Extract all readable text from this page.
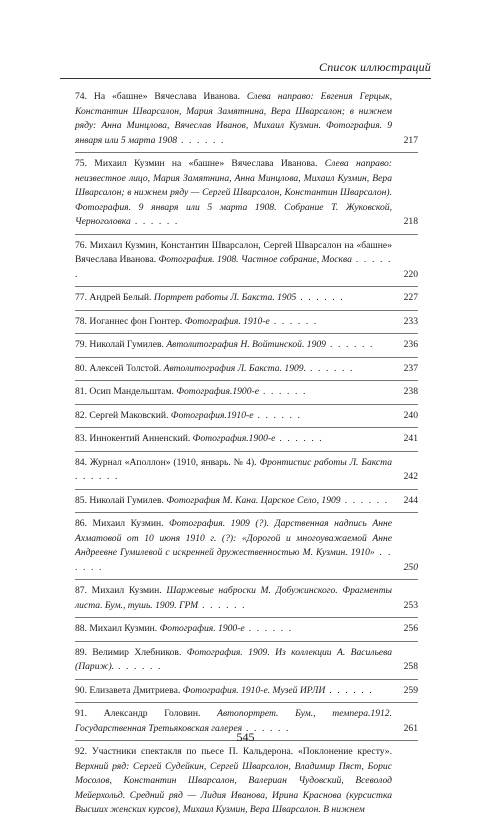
Список иллюстраций
74. На «башне» Вячеслава Иванова. Слева направо: Евгения Герцык, Константин Шварсалон, Мария Замятнина, Вера Шварсалон; в нижнем ряду: Анна Минцлова, Вячеслав Иванов, Михаил Кузмин. Фотография. 9 января или 5 марта 1908 . . . . . .	217
75. Михаил Кузмин на «башне» Вячеслава Иванова. Слева направо: неизвестное лицо, Мария Замятнина, Анна Минцлова, Михаил Кузмин, Вера Шварсалон; в нижнем ряду — Сергей Шварсалон, Константин Шварсалон). Фотография. 9 января или 5 марта 1908. Собрание Т. Жуковской, Черноголовка . . . . . .	218
76. Михаил Кузмин, Константин Шварсалон, Сергей Шварсалон на «башне» Вячеслава Иванова. Фотография. 1908. Частное собрание, Москва . . . . . .	220
77. Андрей Белый. Портрет работы Л. Бакста. 1905 . . . . . .	227
78. Иоганнес фон Гюнтер. Фотография. 1910-е . . . . . .	233
79. Николай Гумилев. Автолитография Н. Войтинской. 1909 . . . . . .	236
80. Алексей Толстой. Автолитография Л. Бакста. 1909. . . . . . .	237
81. Осип Мандельштам. Фотография.1900-е . . . . . .	238
82. Сергей Маковский. Фотография.1910-е . . . . . .	240
83. Иннокентий Анненский. Фотография.1900-е . . . . . .	241
84. Журнал «Аполлон» (1910, январь. № 4). Фронтиспис работы Л. Бакста . . . . . .	242
85. Николай Гумилев. Фотография М. Кана. Царское Село, 1909 . . . . . . 244
86. Михаил Кузмин. Фотография. 1909 (?). Дарственная надпись Анне Ахматовой от 10 июня 1910 г. (?): «Дорогой и многоуважаемой Анне Андреевне Гумилевой с искренней дружественностью М. Кузмин. 1910» . . . . . .	250
87. Михаил Кузмин. Шаржевые наброски М. Добужинского. Фрагменты листа. Бум., тушь. 1909. ГРМ . . . . . .	253
88. Михаил Кузмин. Фотография. 1900-е . . . . . .	256
89. Велимир Хлебников. Фотография. 1909. Из коллекции А. Васильева (Париж). . . . . . .	258
90. Елизавета Дмитриева. Фотография. 1910-е. Музей ИРЛИ . . . . . .	259
91. Александр Головин. Автопортрет. Бум., темпера.1912. Государственная Третьяковская галерея . . . . . .	261
92. Участники спектакля по пьесе П. Кальдерона. «Поклонение кресту». Верхний ряд: Сергей Судейкин, Сергей Шварсалон, Владимир Пяст, Борис Мосолов, Константин Шварсалон, Валериан Чудовский, Всеволод Мейерхольд. Средний ряд — Лидия Иванова, Ирина Краснова (курсистка Высших женских курсов), Михаил Кузмин, Вера Шварсалон. В нижнем
545
